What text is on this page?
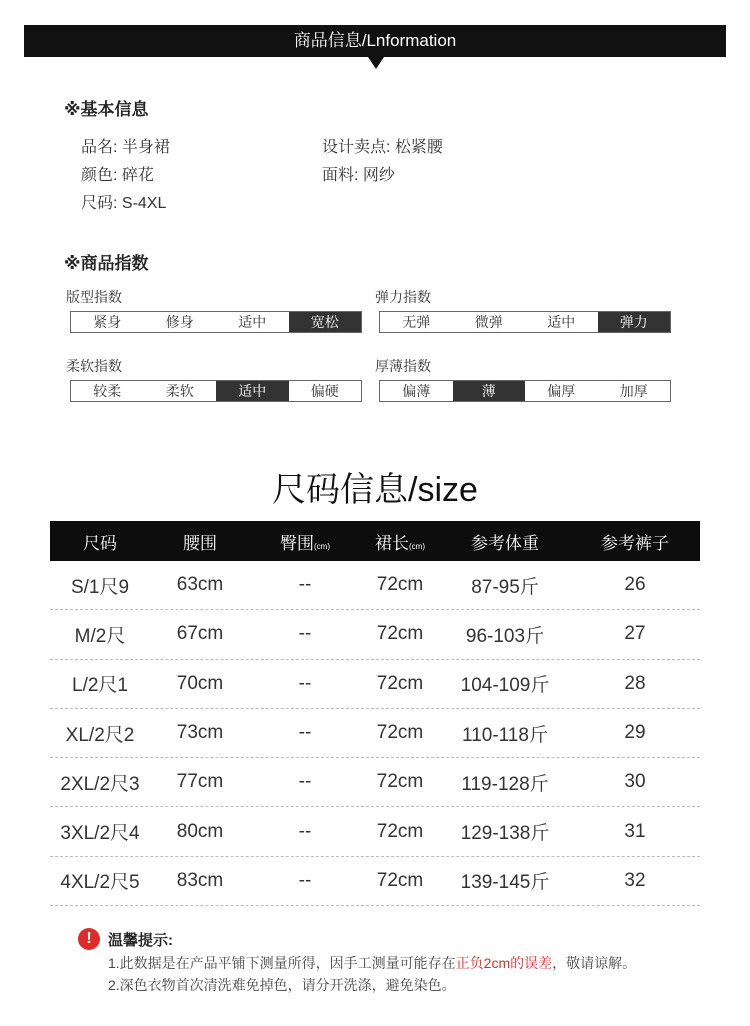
商品信息/Lnformation
※基本信息
品名: 半身裙
颜色: 碎花
尺码: S-4XL
设计卖点: 松紧腰
面料: 网纱
※商品指数
版型指数
紧身	修身	适中	宽松
弹力指数
无弹	微弹	适中	弹力
柔软指数
较柔	柔软	适中	偏硬
厚薄指数
偏薄	薄	偏厚	加厚
尺码信息/size
尺码	腰围	臀围(cm)	裙长(cm)	参考体重	参考裤子
S/1尺9	63cm	--	72cm	87-95斤	26
M/2尺	67cm	--	72cm	96-103斤	27
L/2尺1	70cm	--	72cm	104-109斤	28
XL/2尺2	73cm	--	72cm	110-118斤	29
2XL/2尺3	77cm	--	72cm	119-128斤	30
3XL/2尺4	80cm	--	72cm	129-138斤	31
4XL/2尺5	83cm	--	72cm	139-145斤	32
!	温馨提示:
1.此数据是在产品平铺下测量所得，因手工测量可能存在正负2cm的误差，敬请谅解。
2.深色衣物首次清洗难免掉色，请分开洗涤，避免染色。
